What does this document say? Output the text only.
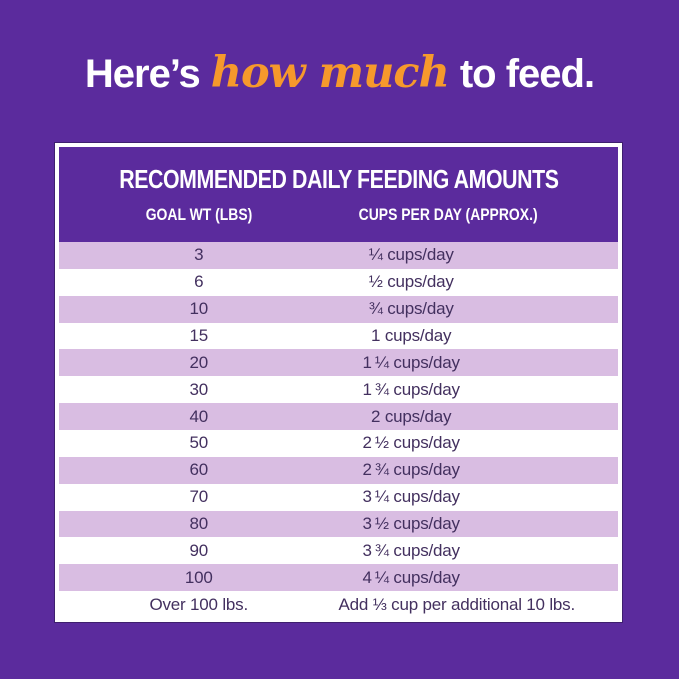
Here’s how much to feed.
RECOMMENDED DAILY FEEDING AMOUNTS
GOAL WT (LBS)	CUPS PER DAY (APPROX.)
3	¼ cups/day
6	½ cups/day
10	¾ cups/day
15	1 cups/day
20	1 ¼ cups/day
30	1 ¾ cups/day
40	2 cups/day
50	2 ½ cups/day
60	2 ¾ cups/day
70	3 ¼ cups/day
80	3 ½ cups/day
90	3 ¾ cups/day
100	4 ¼ cups/day
Over 100 lbs.	Add ⅓ cup per additional 10 lbs.
